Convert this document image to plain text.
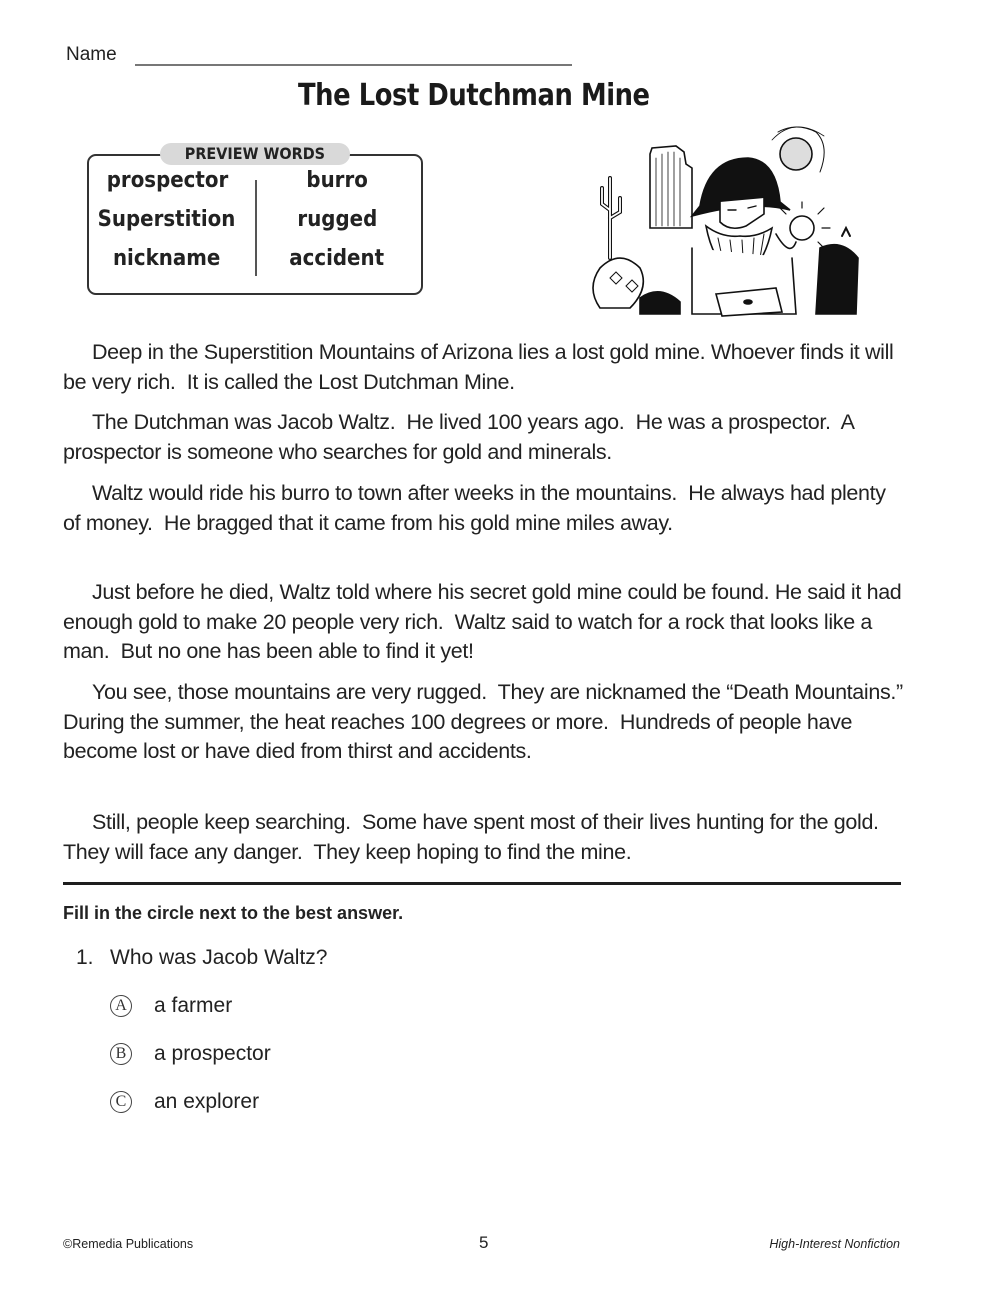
Name
The Lost Dutchman Mine
PREVIEW WORDS
prospector
Superstition
nickname
burro
rugged
accident

Deep in the Superstition Mountains of Arizona lies a lost gold mine. Whoever finds it will be very rich.  It is called the Lost Dutchman Mine.

The Dutchman was Jacob Waltz.  He lived 100 years ago.  He was a prospector.  A prospector is someone who searches for gold and minerals.

Waltz would ride his burro to town after weeks in the mountains.  He always had plenty of money.  He bragged that it came from his gold mine miles away.

Just before he died, Waltz told where his secret gold mine could be found. He said it had enough gold to make 20 people very rich.  Waltz said to watch for a rock that looks like a man.  But no one has been able to find it yet!

You see, those mountains are very rugged.  They are nicknamed the “Death Mountains.” During the summer, the heat reaches 100 degrees or more.  Hundreds of people have become lost or have died from thirst and accidents.

Still, people keep searching.  Some have spent most of their lives hunting for the gold.  They will face any danger.  They keep hoping to find the mine.

Fill in the circle next to the best answer.
1. Who was Jacob Waltz?
A a farmer
B a prospector
C an explorer
©Remedia Publications	5	High-Interest Nonfiction
